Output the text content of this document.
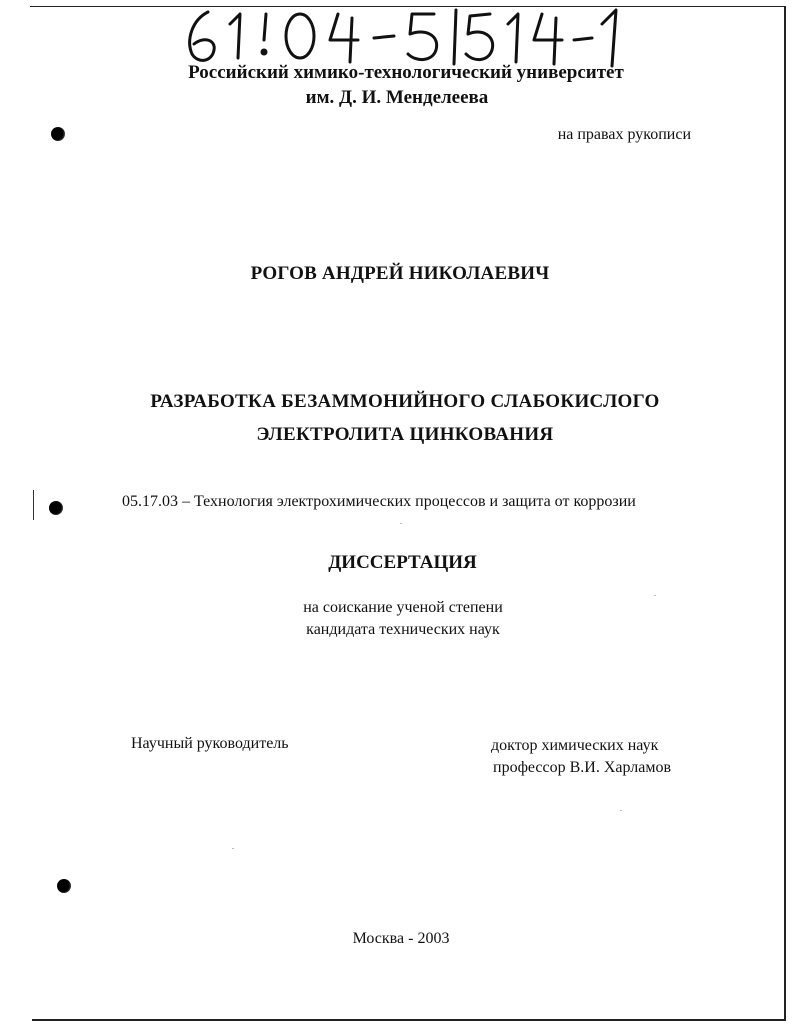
Российский химико-технологический университет
им. Д. И. Менделеева
на правах рукописи
РОГОВ АНДРЕЙ НИКОЛАЕВИЧ
РАЗРАБОТКА БЕЗАММОНИЙНОГО СЛАБОКИСЛОГО
ЭЛЕКТРОЛИТА ЦИНКОВАНИЯ
05.17.03 – Технология электрохимических процессов и защита от коррозии
ДИССЕРТАЦИЯ
на соискание ученой степени
кандидата технических наук
Научный руководитель	доктор химических наук
профессор В.И. Харламов
Москва - 2003
